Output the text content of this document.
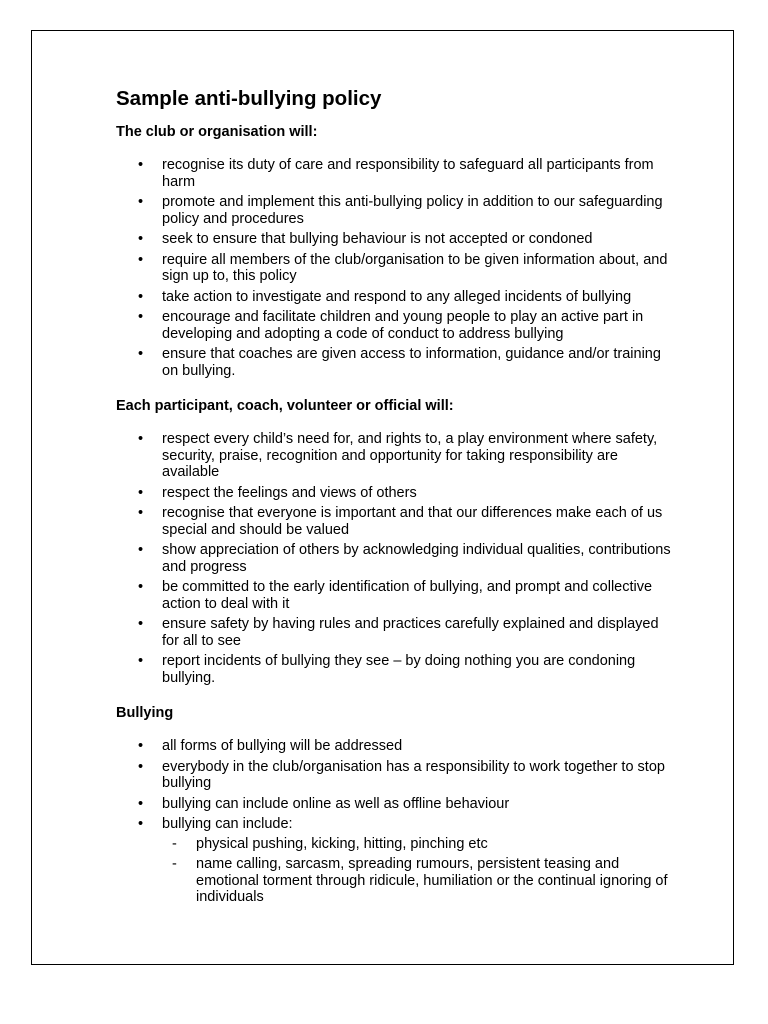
Sample anti-bullying policy

The club or organisation will:

• recognise its duty of care and responsibility to safeguard all participants from harm
• promote and implement this anti-bullying policy in addition to our safeguarding policy and procedures
• seek to ensure that bullying behaviour is not accepted or condoned
• require all members of the club/organisation to be given information about, and sign up to, this policy
• take action to investigate and respond to any alleged incidents of bullying
• encourage and facilitate children and young people to play an active part in developing and adopting a code of conduct to address bullying
• ensure that coaches are given access to information, guidance and/or training on bullying.

Each participant, coach, volunteer or official will:

• respect every child’s need for, and rights to, a play environment where safety, security, praise, recognition and opportunity for taking responsibility are available
• respect the feelings and views of others
• recognise that everyone is important and that our differences make each of us special and should be valued
• show appreciation of others by acknowledging individual qualities, contributions and progress
• be committed to the early identification of bullying, and prompt and collective action to deal with it
• ensure safety by having rules and practices carefully explained and displayed for all to see
• report incidents of bullying they see – by doing nothing you are condoning bullying.

Bullying

• all forms of bullying will be addressed
• everybody in the club/organisation has a responsibility to work together to stop bullying
• bullying can include online as well as offline behaviour
• bullying can include:
- physical pushing, kicking, hitting, pinching etc
- name calling, sarcasm, spreading rumours, persistent teasing and emotional torment through ridicule, humiliation or the continual ignoring of individuals
